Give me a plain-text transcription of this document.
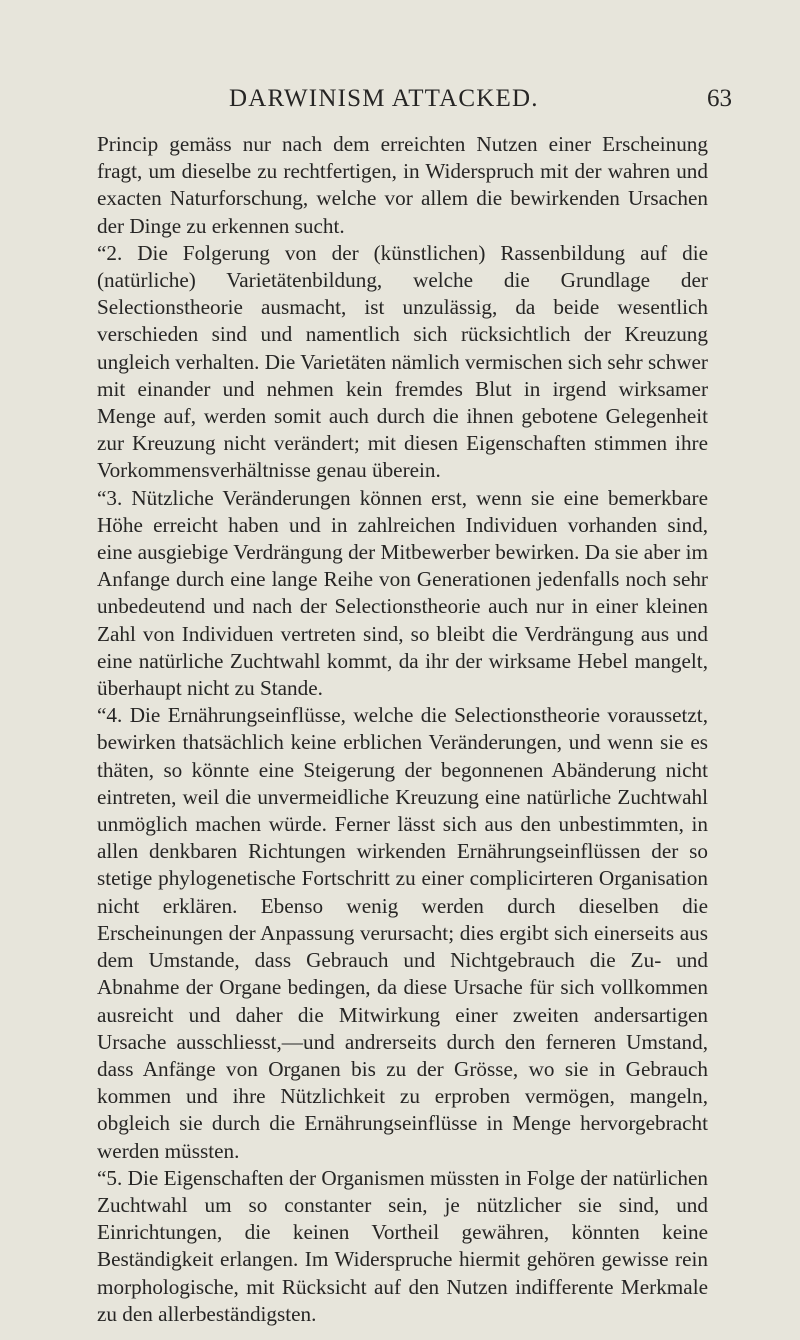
DARWINISM ATTACKED.	63

Princip gemäss nur nach dem erreichten Nutzen einer Erscheinung fragt, um dieselbe zu rechtfertigen, in Widerspruch mit der wahren und exacten Naturforschung, welche vor allem die bewirkenden Ursachen der Dinge zu erkennen sucht.

“2. Die Folgerung von der (künstlichen) Rassenbildung auf die (natürliche) Varietätenbildung, welche die Grundlage der Selectionstheorie ausmacht, ist unzulässig, da beide wesentlich verschieden sind und namentlich sich rücksichtlich der Kreuzung ungleich verhalten. Die Varietäten nämlich vermischen sich sehr schwer mit einander und nehmen kein fremdes Blut in irgend wirksamer Menge auf, werden somit auch durch die ihnen gebotene Gelegenheit zur Kreuzung nicht verändert; mit diesen Eigenschaften stimmen ihre Vorkommensverhältnisse genau überein.

“3. Nützliche Veränderungen können erst, wenn sie eine bemerkbare Höhe erreicht haben und in zahlreichen Individuen vorhanden sind, eine ausgiebige Verdrängung der Mitbewerber bewirken. Da sie aber im Anfange durch eine lange Reihe von Generationen jedenfalls noch sehr unbedeutend und nach der Selectionstheorie auch nur in einer kleinen Zahl von Individuen vertreten sind, so bleibt die Verdrängung aus und eine natürliche Zuchtwahl kommt, da ihr der wirksame Hebel mangelt, überhaupt nicht zu Stande.

“4. Die Ernährungseinflüsse, welche die Selectionstheorie voraussetzt, bewirken thatsächlich keine erblichen Veränderungen, und wenn sie es thäten, so könnte eine Steigerung der begonnenen Abänderung nicht eintreten, weil die unvermeidliche Kreuzung eine natürliche Zuchtwahl unmöglich machen würde. Ferner lässt sich aus den unbestimmten, in allen denkbaren Richtungen wirkenden Ernährungseinflüssen der so stetige phylogenetische Fortschritt zu einer complicirteren Organisation nicht erklären. Ebenso wenig werden durch dieselben die Erscheinungen der Anpassung verursacht; dies ergibt sich einerseits aus dem Umstande, dass Gebrauch und Nichtgebrauch die Zu- und Abnahme der Organe bedingen, da diese Ursache für sich vollkommen ausreicht und daher die Mitwirkung einer zweiten andersartigen Ursache ausschliesst,—und andrerseits durch den ferneren Umstand, dass Anfänge von Organen bis zu der Grösse, wo sie in Gebrauch kommen und ihre Nützlichkeit zu erproben vermögen, mangeln, obgleich sie durch die Ernährungseinflüsse in Menge hervorgebracht werden müssten.

“5. Die Eigenschaften der Organismen müssten in Folge der natürlichen Zuchtwahl um so constanter sein, je nützlicher sie sind, und Einrichtungen, die keinen Vortheil gewähren, könnten keine Beständigkeit erlangen. Im Widerspruche hiermit gehören gewisse rein morphologische, mit Rücksicht auf den Nutzen indifferente Merkmale zu den allerbeständigsten.
